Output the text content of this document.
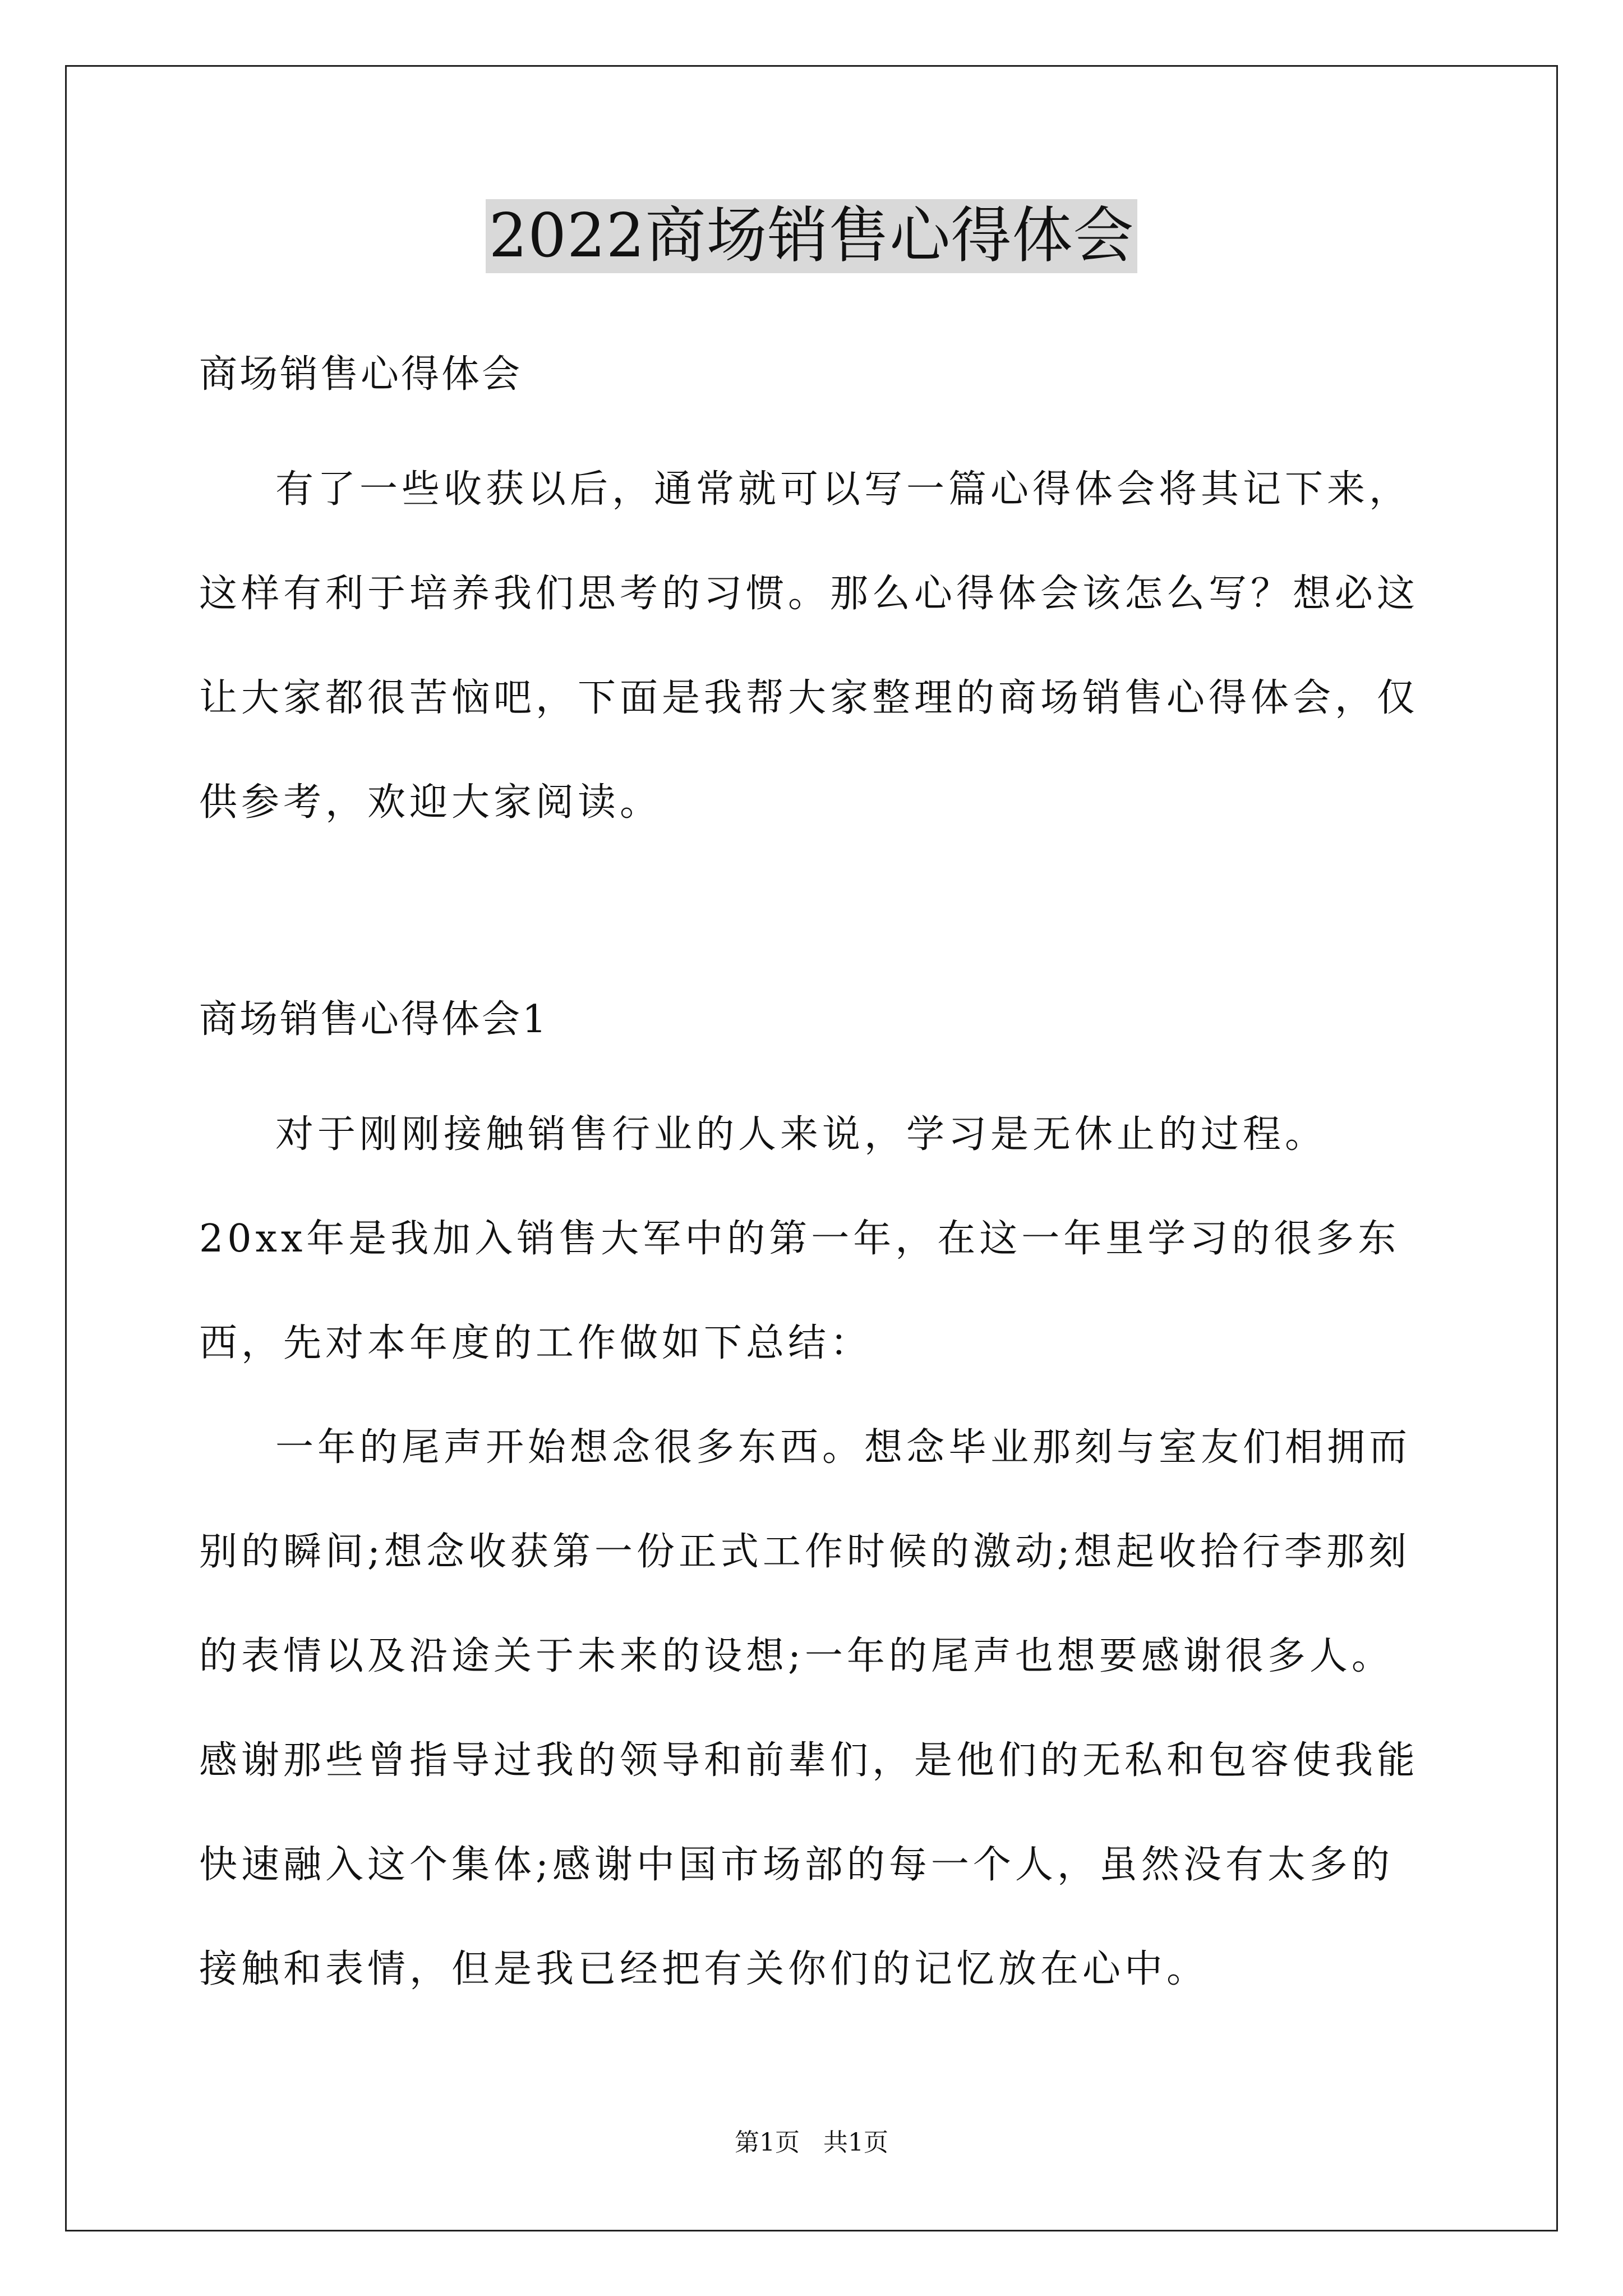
2022商场销售心得体会
商场销售心得体会

有了一些收获以后，通常就可以写一篇心得体会将其记下来，这样有利于培养我们思考的习惯。那么心得体会该怎么写？想必这让大家都很苦恼吧，下面是我帮大家整理的商场销售心得体会，仅供参考，欢迎大家阅读。

商场销售心得体会1

对于刚刚接触销售行业的人来说，学习是无休止的过程。20xx年是我加入销售大军中的第一年，在这一年里学习的很多东西，先对本年度的工作做如下总结：

一年的尾声开始想念很多东西。想念毕业那刻与室友们相拥而别的瞬间;想念收获第一份正式工作时候的激动;想起收拾行李那刻的表情以及沿途关于未来的设想;一年的尾声也想要感谢很多人。感谢那些曾指导过我的领导和前辈们，是他们的无私和包容使我能快速融入这个集体;感谢中国市场部的每一个人，虽然没有太多的接触和表情，但是我已经把有关你们的记忆放在心中。

第1页 共1页
